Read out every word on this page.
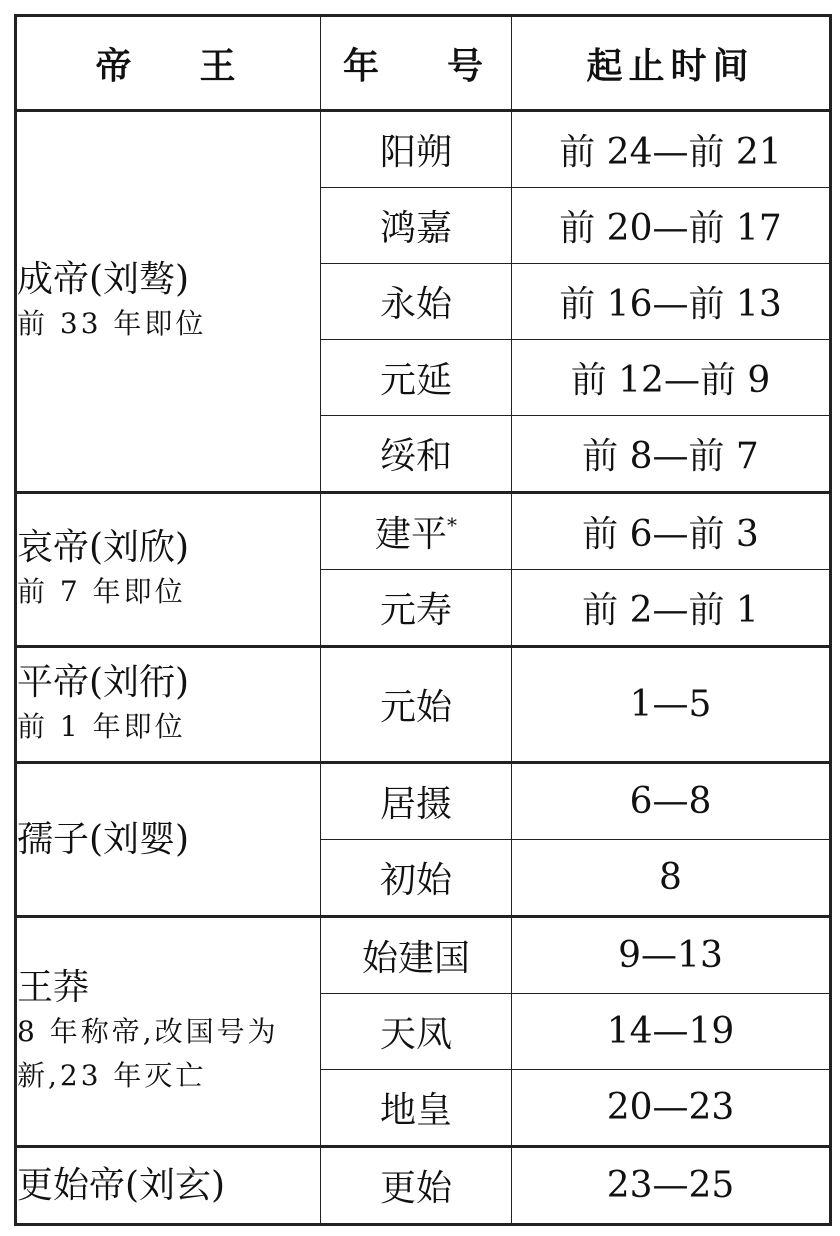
帝 王	年 号	起止时间

成帝(刘骜)
前 33 年即位	阳朔	前 24—前 21
	鸿嘉	前 20—前 17
	永始	前 16—前 13
	元延	前 12—前 9
	绥和	前 8—前 7

哀帝(刘欣)
前 7 年即位	建平*	前 6—前 3
	元寿	前 2—前 1

平帝(刘衎)
前 1 年即位	元始	1—5

孺子(刘婴)	居摄	6—8
	初始	8

王莽
8 年称帝,改国号为新,23 年灭亡	始建国	9—13
	天凤	14—19
	地皇	20—23

更始帝(刘玄)	更始	23—25
